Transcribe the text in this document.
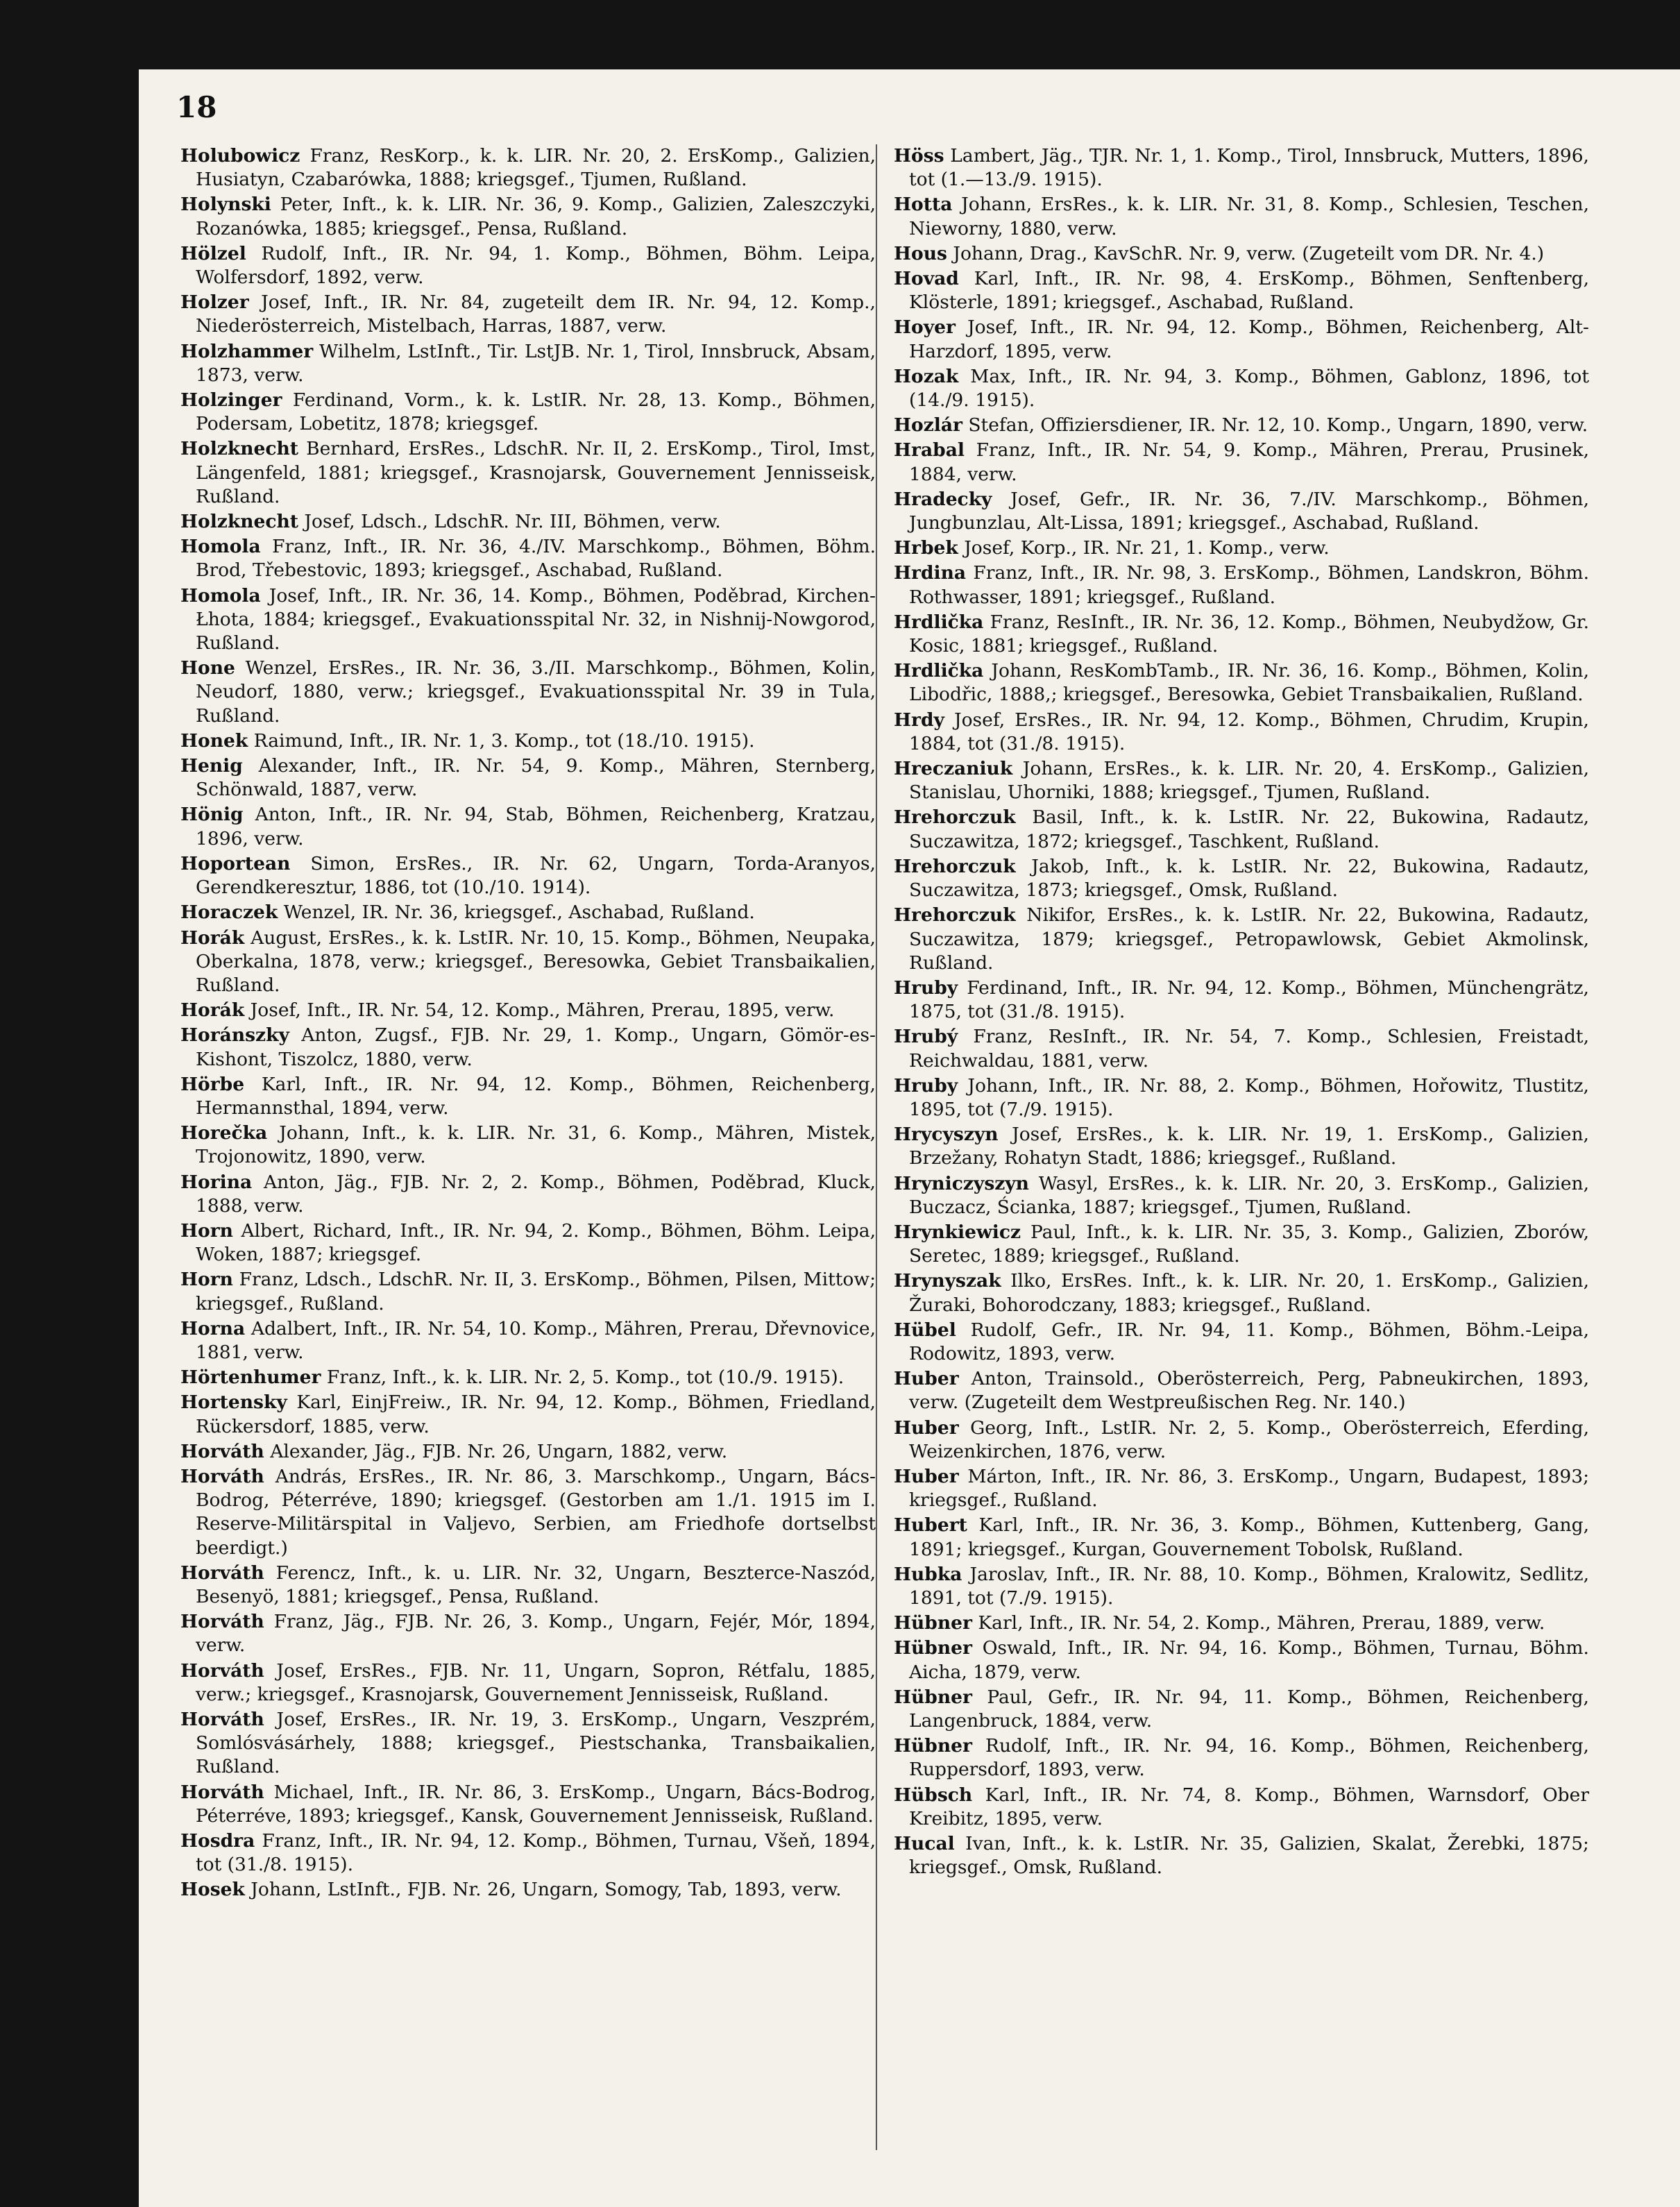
18
Holubowicz Franz, ResKorp., k. k. LIR. Nr. 20, 2. ErsKomp., Galizien, Husiatyn, Czabarówka, 1888; kriegsgef., Tjumen, Rußland.
Holynski Peter, Inft., k. k. LIR. Nr. 36, 9. Komp., Galizien, Zaleszczyki, Rozanówka, 1885; kriegsgef., Pensa, Rußland.
Hölzel Rudolf, Inft., IR. Nr. 94, 1. Komp., Böhmen, Böhm. Leipa, Wolfersdorf, 1892, verw.
Holzer Josef, Inft., IR. Nr. 84, zugeteilt dem IR. Nr. 94, 12. Komp., Niederösterreich, Mistelbach, Harras, 1887, verw.
Holzhammer Wilhelm, LstInft., Tir. LstJB. Nr. 1, Tirol, Innsbruck, Absam, 1873, verw.
Holzinger Ferdinand, Vorm., k. k. LstIR. Nr. 28, 13. Komp., Böhmen, Podersam, Lobetitz, 1878; kriegsgef.
Holzknecht Bernhard, ErsRes., LdschR. Nr. II, 2. ErsKomp., Tirol, Imst, Längenfeld, 1881; kriegsgef., Krasnojarsk, Gouvernement Jennisseisk, Rußland.
Holzknecht Josef, Ldsch., LdschR. Nr. III, Böhmen, verw.
Homola Franz, Inft., IR. Nr. 36, 4./IV. Marschkomp., Böhmen, Böhm. Brod, Třebestovic, 1893; kriegsgef., Aschabad, Rußland.
Homola Josef, Inft., IR. Nr. 36, 14. Komp., Böhmen, Poděbrad, Kirchen-Łhota, 1884; kriegsgef., Evakuationsspital Nr. 32, in Nishnij-Nowgorod, Rußland.
Hone Wenzel, ErsRes., IR. Nr. 36, 3./II. Marschkomp., Böhmen, Kolin, Neudorf, 1880, verw.; kriegsgef., Evakuationsspital Nr. 39 in Tula, Rußland.
Honek Raimund, Inft., IR. Nr. 1, 3. Komp., tot (18./10. 1915).
Henig Alexander, Inft., IR. Nr. 54, 9. Komp., Mähren, Sternberg, Schönwald, 1887, verw.
Hönig Anton, Inft., IR. Nr. 94, Stab, Böhmen, Reichenberg, Kratzau, 1896, verw.
Hoportean Simon, ErsRes., IR. Nr. 62, Ungarn, Torda-Aranyos, Gerendkeresztur, 1886, tot (10./10. 1914).
Horaczek Wenzel, IR. Nr. 36, kriegsgef., Aschabad, Rußland.
Horák August, ErsRes., k. k. LstIR. Nr. 10, 15. Komp., Böhmen, Neupaka, Oberkalna, 1878, verw.; kriegsgef., Beresowka, Gebiet Transbaikalien, Rußland.
Horák Josef, Inft., IR. Nr. 54, 12. Komp., Mähren, Prerau, 1895, verw.
Horánszky Anton, Zugsf., FJB. Nr. 29, 1. Komp., Ungarn, Gömör-es-Kishont, Tiszolcz, 1880, verw.
Hörbe Karl, Inft., IR. Nr. 94, 12. Komp., Böhmen, Reichenberg, Hermannsthal, 1894, verw.
Horečka Johann, Inft., k. k. LIR. Nr. 31, 6. Komp., Mähren, Mistek, Trojonowitz, 1890, verw.
Horina Anton, Jäg., FJB. Nr. 2, 2. Komp., Böhmen, Poděbrad, Kluck, 1888, verw.
Horn Albert, Richard, Inft., IR. Nr. 94, 2. Komp., Böhmen, Böhm. Leipa, Woken, 1887; kriegsgef.
Horn Franz, Ldsch., LdschR. Nr. II, 3. ErsKomp., Böhmen, Pilsen, Mittow; kriegsgef., Rußland.
Horna Adalbert, Inft., IR. Nr. 54, 10. Komp., Mähren, Prerau, Dřevnovice, 1881, verw.
Hörtenhumer Franz, Inft., k. k. LIR. Nr. 2, 5. Komp., tot (10./9. 1915).
Hortensky Karl, EinjFreiw., IR. Nr. 94, 12. Komp., Böhmen, Friedland, Rückersdorf, 1885, verw.
Horváth Alexander, Jäg., FJB. Nr. 26, Ungarn, 1882, verw.
Horváth András, ErsRes., IR. Nr. 86, 3. Marschkomp., Ungarn, Bács-Bodrog, Péterréve, 1890; kriegsgef. (Gestorben am 1./1. 1915 im I. Reserve-Militärspital in Valjevo, Serbien, am Friedhofe dortselbst beerdigt.)
Horváth Ferencz, Inft., k. u. LIR. Nr. 32, Ungarn, Beszterce-Naszód, Besenyö, 1881; kriegsgef., Pensa, Rußland.
Horváth Franz, Jäg., FJB. Nr. 26, 3. Komp., Ungarn, Fejér, Mór, 1894, verw.
Horváth Josef, ErsRes., FJB. Nr. 11, Ungarn, Sopron, Rétfalu, 1885, verw.; kriegsgef., Krasnojarsk, Gouvernement Jennisseisk, Rußland.
Horváth Josef, ErsRes., IR. Nr. 19, 3. ErsKomp., Ungarn, Veszprém, Somlósvásárhely, 1888; kriegsgef., Piestschanka, Transbaikalien, Rußland.
Horváth Michael, Inft., IR. Nr. 86, 3. ErsKomp., Ungarn, Bács-Bodrog, Péterréve, 1893; kriegsgef., Kansk, Gouvernement Jennisseisk, Rußland.
Hosdra Franz, Inft., IR. Nr. 94, 12. Komp., Böhmen, Turnau, Všeň, 1894, tot (31./8. 1915).
Hosek Johann, LstInft., FJB. Nr. 26, Ungarn, Somogy, Tab, 1893, verw.
Höss Lambert, Jäg., TJR. Nr. 1, 1. Komp., Tirol, Innsbruck, Mutters, 1896, tot (1.—13./9. 1915).
Hotta Johann, ErsRes., k. k. LIR. Nr. 31, 8. Komp., Schlesien, Teschen, Nieworny, 1880, verw.
Hous Johann, Drag., KavSchR. Nr. 9, verw. (Zugeteilt vom DR. Nr. 4.)
Hovad Karl, Inft., IR. Nr. 98, 4. ErsKomp., Böhmen, Senftenberg, Klösterle, 1891; kriegsgef., Aschabad, Rußland.
Hoyer Josef, Inft., IR. Nr. 94, 12. Komp., Böhmen, Reichenberg, Alt-Harzdorf, 1895, verw.
Hozak Max, Inft., IR. Nr. 94, 3. Komp., Böhmen, Gablonz, 1896, tot (14./9. 1915).
Hozlár Stefan, Offiziersdiener, IR. Nr. 12, 10. Komp., Ungarn, 1890, verw.
Hrabal Franz, Inft., IR. Nr. 54, 9. Komp., Mähren, Prerau, Prusinek, 1884, verw.
Hradecky Josef, Gefr., IR. Nr. 36, 7./IV. Marschkomp., Böhmen, Jungbunzlau, Alt-Lissa, 1891; kriegsgef., Aschabad, Rußland.
Hrbek Josef, Korp., IR. Nr. 21, 1. Komp., verw.
Hrdina Franz, Inft., IR. Nr. 98, 3. ErsKomp., Böhmen, Landskron, Böhm. Rothwasser, 1891; kriegsgef., Rußland.
Hrdlička Franz, ResInft., IR. Nr. 36, 12. Komp., Böhmen, Neubydžow, Gr. Kosic, 1881; kriegsgef., Rußland.
Hrdlička Johann, ResKombTamb., IR. Nr. 36, 16. Komp., Böhmen, Kolin, Libodřic, 1888,; kriegsgef., Beresowka, Gebiet Transbaikalien, Rußland.
Hrdy Josef, ErsRes., IR. Nr. 94, 12. Komp., Böhmen, Chrudim, Krupin, 1884, tot (31./8. 1915).
Hreczaniuk Johann, ErsRes., k. k. LIR. Nr. 20, 4. ErsKomp., Galizien, Stanislau, Uhorniki, 1888; kriegsgef., Tjumen, Rußland.
Hrehorczuk Basil, Inft., k. k. LstIR. Nr. 22, Bukowina, Radautz, Suczawitza, 1872; kriegsgef., Taschkent, Rußland.
Hrehorczuk Jakob, Inft., k. k. LstIR. Nr. 22, Bukowina, Radautz, Suczawitza, 1873; kriegsgef., Omsk, Rußland.
Hrehorczuk Nikifor, ErsRes., k. k. LstIR. Nr. 22, Bukowina, Radautz, Suczawitza, 1879; kriegsgef., Petropawlowsk, Gebiet Akmolinsk, Rußland.
Hruby Ferdinand, Inft., IR. Nr. 94, 12. Komp., Böhmen, Münchengrätz, 1875, tot (31./8. 1915).
Hrubý Franz, ResInft., IR. Nr. 54, 7. Komp., Schlesien, Freistadt, Reichwaldau, 1881, verw.
Hruby Johann, Inft., IR. Nr. 88, 2. Komp., Böhmen, Hořowitz, Tlustitz, 1895, tot (7./9. 1915).
Hrycyszyn Josef, ErsRes., k. k. LIR. Nr. 19, 1. ErsKomp., Galizien, Brzežany, Rohatyn Stadt, 1886; kriegsgef., Rußland.
Hryniczyszyn Wasyl, ErsRes., k. k. LIR. Nr. 20, 3. ErsKomp., Galizien, Buczacz, Ścianka, 1887; kriegsgef., Tjumen, Rußland.
Hrynkiewicz Paul, Inft., k. k. LIR. Nr. 35, 3. Komp., Galizien, Zborów, Seretec, 1889; kriegsgef., Rußland.
Hrynyszak Ilko, ErsRes. Inft., k. k. LIR. Nr. 20, 1. ErsKomp., Galizien, Žuraki, Bohorodczany, 1883; kriegsgef., Rußland.
Hübel Rudolf, Gefr., IR. Nr. 94, 11. Komp., Böhmen, Böhm.-Leipa, Rodowitz, 1893, verw.
Huber Anton, Trainsold., Oberösterreich, Perg, Pabneukirchen, 1893, verw. (Zugeteilt dem Westpreußischen Reg. Nr. 140.)
Huber Georg, Inft., LstIR. Nr. 2, 5. Komp., Oberösterreich, Eferding, Weizenkirchen, 1876, verw.
Huber Márton, Inft., IR. Nr. 86, 3. ErsKomp., Ungarn, Budapest, 1893; kriegsgef., Rußland.
Hubert Karl, Inft., IR. Nr. 36, 3. Komp., Böhmen, Kuttenberg, Gang, 1891; kriegsgef., Kurgan, Gouvernement Tobolsk, Rußland.
Hubka Jaroslav, Inft., IR. Nr. 88, 10. Komp., Böhmen, Kralowitz, Sedlitz, 1891, tot (7./9. 1915).
Hübner Karl, Inft., IR. Nr. 54, 2. Komp., Mähren, Prerau, 1889, verw.
Hübner Oswald, Inft., IR. Nr. 94, 16. Komp., Böhmen, Turnau, Böhm. Aicha, 1879, verw.
Hübner Paul, Gefr., IR. Nr. 94, 11. Komp., Böhmen, Reichenberg, Langenbruck, 1884, verw.
Hübner Rudolf, Inft., IR. Nr. 94, 16. Komp., Böhmen, Reichenberg, Ruppersdorf, 1893, verw.
Hübsch Karl, Inft., IR. Nr. 74, 8. Komp., Böhmen, Warnsdorf, Ober Kreibitz, 1895, verw.
Hucal Ivan, Inft., k. k. LstIR. Nr. 35, Galizien, Skalat, Žerebki, 1875; kriegsgef., Omsk, Rußland.
